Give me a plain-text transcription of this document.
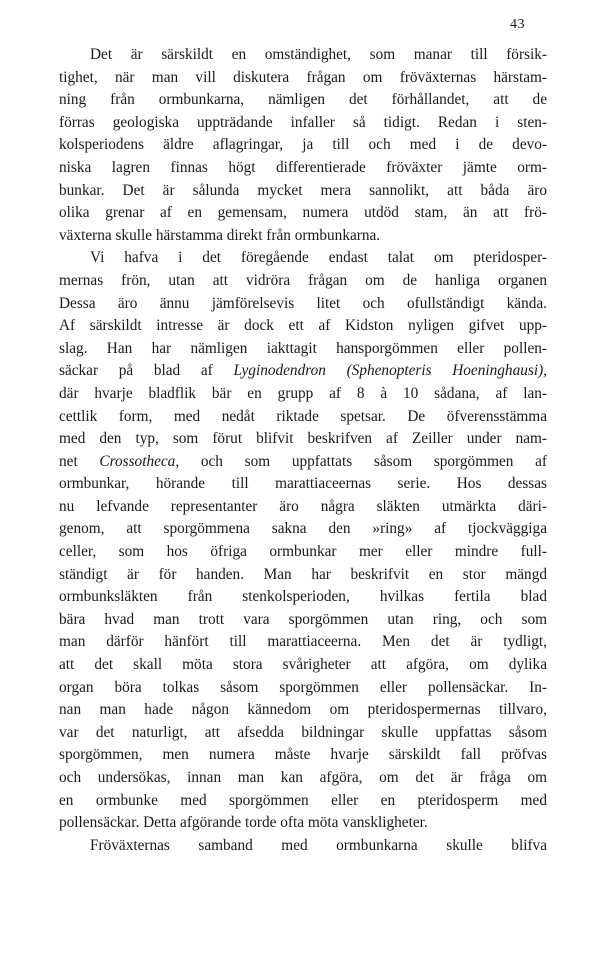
43
Det är särskildt en omständighet, som manar till försik-
tighet, när man vill diskutera frågan om fröväxternas härstam-
ning från ormbunkarna, nämligen det förhållandet, att de
förras geologiska uppträdande infaller så tidigt. Redan i sten-
kolsperiodens äldre aflagringar, ja till och med i de devo-
niska lagren finnas högt differentierade fröväxter jämte orm-
bunkar. Det är sålunda mycket mera sannolikt, att båda äro
olika grenar af en gemensam, numera utdöd stam, än att frö-
växterna skulle härstamma direkt från ormbunkarna.
Vi hafva i det föregående endast talat om pteridosper-
mernas frön, utan att vidröra frågan om de hanliga organen
Dessa äro ännu jämförelsevis litet och ofullständigt kända.
Af särskildt intresse är dock ett af Kidston nyligen gifvet upp-
slag. Han har nämligen iakttagit hansporgömmen eller pollen-
säckar på blad af Lyginodendron (Sphenopteris Hoeninghausi),
där hvarje bladflik bär en grupp af 8 à 10 sådana, af lan-
cettlik form, med nedåt riktade spetsar. De öfverensstämma
med den typ, som förut blifvit beskrifven af Zeiller under nam-
net Crossotheca, och som uppfattats såsom sporgömmen af
ormbunkar, hörande till marattiaceernas serie. Hos dessas
nu lefvande representanter äro några släkten utmärkta däri-
genom, att sporgömmena sakna den »ring» af tjockväggiga
celler, som hos öfriga ormbunkar mer eller mindre full-
ständigt är för handen. Man har beskrifvit en stor mängd
ormbunksläkten från stenkolsperioden, hvilkas fertila blad
bära hvad man trott vara sporgömmen utan ring, och som
man därför hänfört till marattiaceerna. Men det är tydligt,
att det skall möta stora svårigheter att afgöra, om dylika
organ böra tolkas såsom sporgömmen eller pollensäckar. In-
nan man hade någon kännedom om pteridospermernas tillvaro,
var det naturligt, att afsedda bildningar skulle uppfattas såsom
sporgömmen, men numera måste hvarje särskildt fall pröfvas
och undersökas, innan man kan afgöra, om det är fråga om
en ormbunke med sporgömmen eller en pteridosperm med
pollensäckar. Detta afgörande torde ofta möta vanskligheter.
Fröväxternas samband med ormbunkarna skulle blifva
